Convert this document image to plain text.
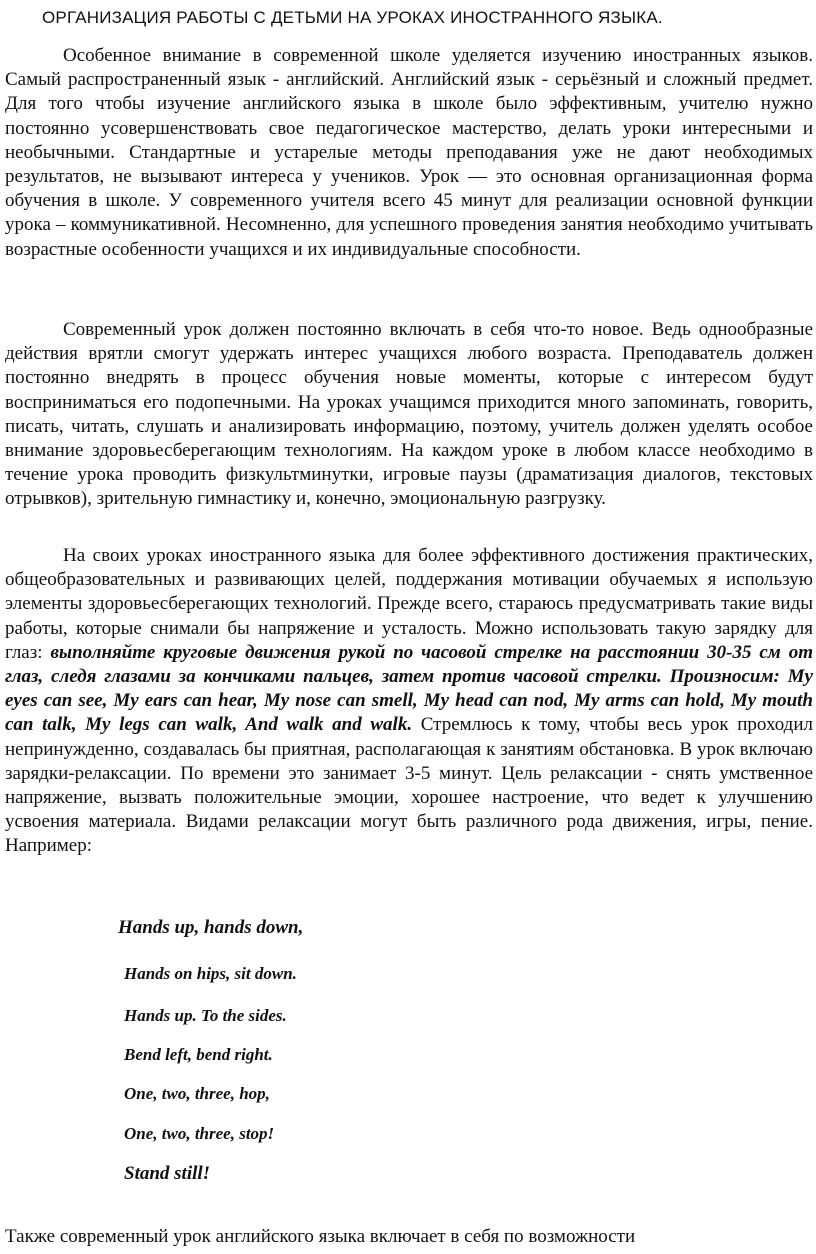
ОРГАНИЗАЦИЯ РАБОТЫ С ДЕТЬМИ НА УРОКАХ ИНОСТРАННОГО ЯЗЫКА.

Особенное внимание в современной школе уделяется изучению иностранных языков. Самый распространенный язык - английский. Английский язык - серьёзный и сложный предмет. Для того чтобы изучение английского языка в школе было эффективным, учителю нужно постоянно усовершенствовать свое педагогическое мастерство, делать уроки интересными и необычными. Стандартные и устарелые методы преподавания уже не дают необходимых результатов, не вызывают интереса у учеников. Урок — это основная организационная форма обучения в школе. У современного учителя всего 45 минут для реализации основной функции урока – коммуникативной. Несомненно, для успешного проведения занятия необходимо учитывать возрастные особенности учащихся и их индивидуальные способности.

Современный урок должен постоянно включать в себя что-то новое. Ведь однообразные действия врятли смогут удержать интерес учащихся любого возраста. Преподаватель должен постоянно внедрять в процесс обучения новые моменты, которые с интересом будут восприниматься его подопечными. На уроках учащимся приходится много запоминать, говорить, писать, читать, слушать и анализировать информацию, поэтому, учитель должен уделять особое внимание здоровьесберегающим технологиям. На каждом уроке в любом классе необходимо в течение урока проводить физкультминутки, игровые паузы (драматизация диалогов, текстовых отрывков), зрительную гимнастику и, конечно, эмоциональную разгрузку.

На своих уроках иностранного языка для более эффективного достижения практических, общеобразовательных и развивающих целей, поддержания мотивации обучаемых я использую элементы здоровьесберегающих технологий. Прежде всего, стараюсь предусматривать такие виды работы, которые снимали бы напряжение и усталость. Можно использовать такую зарядку для глаз: выполняйте круговые движения рукой по часовой стрелке на расстоянии 30-35 см от глаз, следя глазами за кончиками пальцев, затем против часовой стрелки. Произносим: My eyes can see, My ears can hear, My nose can smell, My head can nod, My arms can hold, My mouth can talk, My legs can walk, And walk and walk. Стремлюсь к тому, чтобы весь урок проходил непринужденно, создавалась бы приятная, располагающая к занятиям обстановка. В урок включаю зарядки-релаксации. По времени это занимает 3-5 минут. Цель релаксации - снять умственное напряжение, вызвать положительные эмоции, хорошее настроение, что ведет к улучшению усвоения материала. Видами релаксации могут быть различного рода движения, игры, пение. Например:

Hands up, hands down,
Hands on hips, sit down.
Hands up. To the sides.
Bend left, bend right.
One, two, three, hop,
One, two, three, stop!
Stand still!

Также современный урок английского языка включает в себя по возможности
